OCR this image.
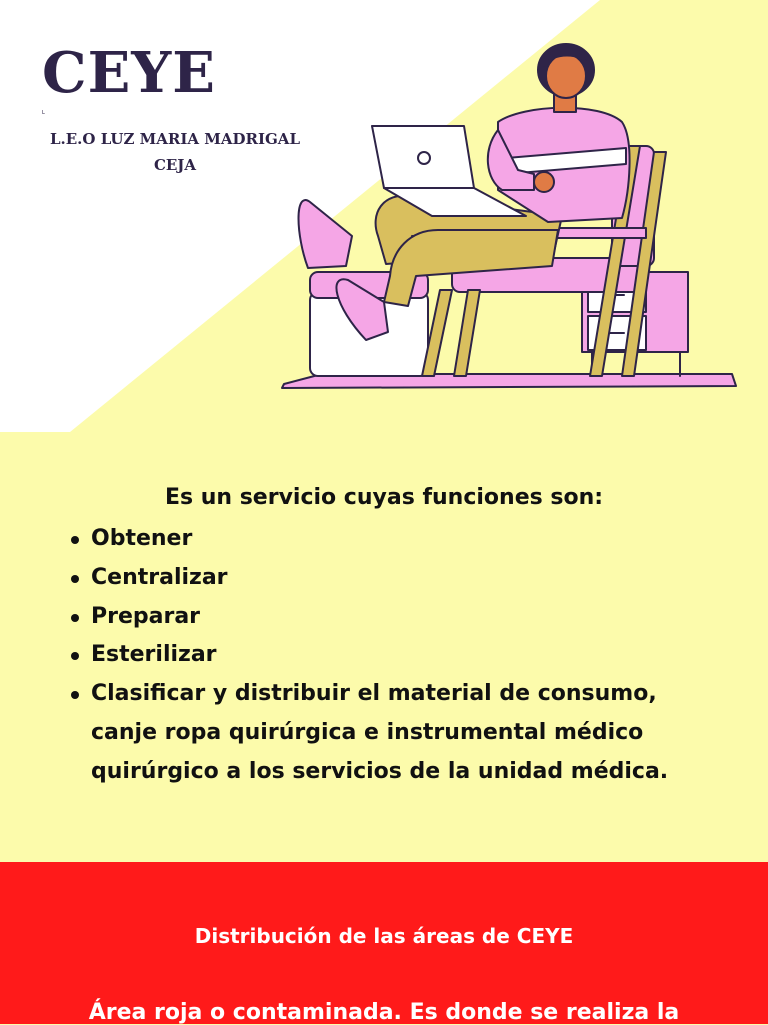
CEYE
L
L.E.O LUZ MARIA MADRIGAL
CEJA

Es un servicio cuyas funciones son:

Obtener
Centralizar
Preparar
Esterilizar
Clasificar y distribuir el material de consumo, canje ropa quirúrgica e instrumental médico quirúrgico a los servicios de la unidad médica.
Distribución de las áreas de CEYE
Área roja o contaminada. Es donde se realiza la
